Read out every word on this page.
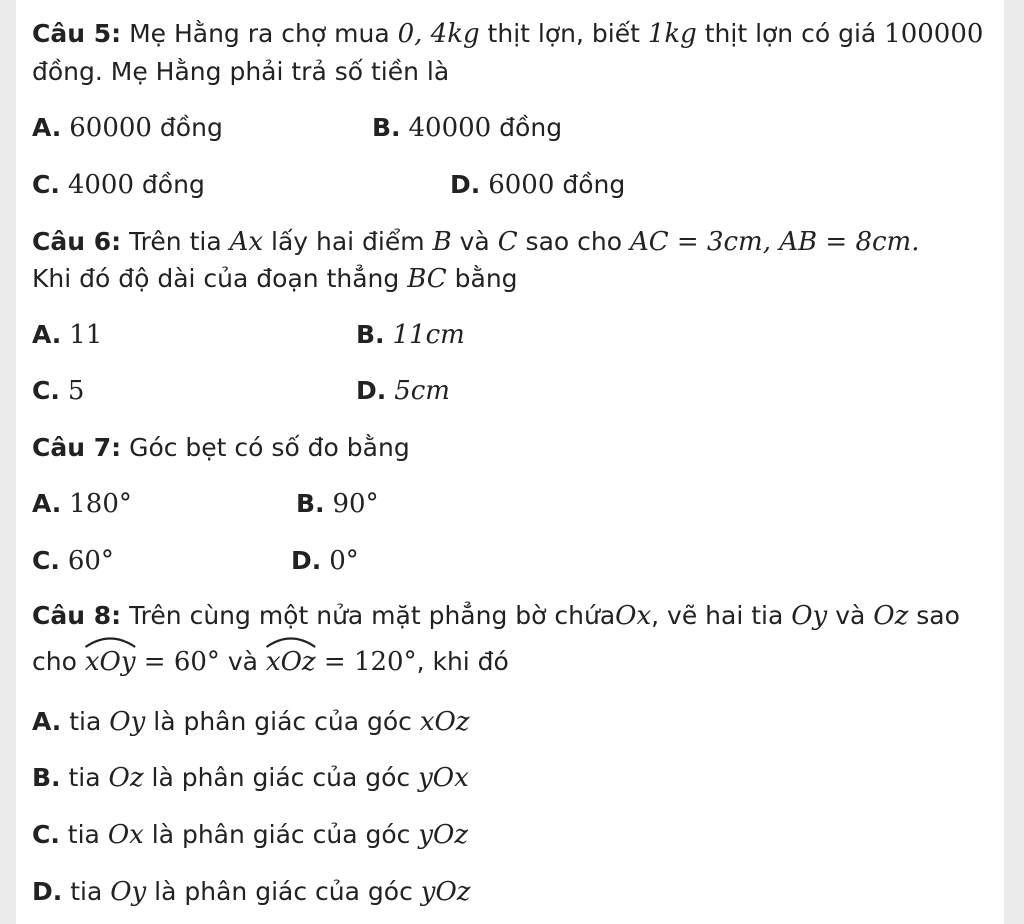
Câu 5: Mẹ Hằng ra chợ mua 0, 4kg thịt lợn, biết 1kg thịt lợn có giá 100000
đồng. Mẹ Hằng phải trả số tiền là
A. 60000 đồng	B. 40000 đồng
C. 4000 đồng	D. 6000 đồng
Câu 6: Trên tia Ax lấy hai điểm B và C sao cho AC = 3cm, AB = 8cm.
Khi đó độ dài của đoạn thẳng BC bằng
A. 11	B. 11cm
C. 5	D. 5cm
Câu 7: Góc bẹt có số đo bằng
A. 180°	B. 90°
C. 60°	D. 0°
Câu 8: Trên cùng một nửa mặt phẳng bờ chứaOx, vẽ hai tia Oy và Oz sao
cho
xOy = 60° và
xOz = 120°, khi đó
A. tia Oy là phân giác của góc xOz
B. tia Oz là phân giác của góc yOx
C. tia Ox là phân giác của góc yOz
D. tia Oy là phân giác của góc yOz
